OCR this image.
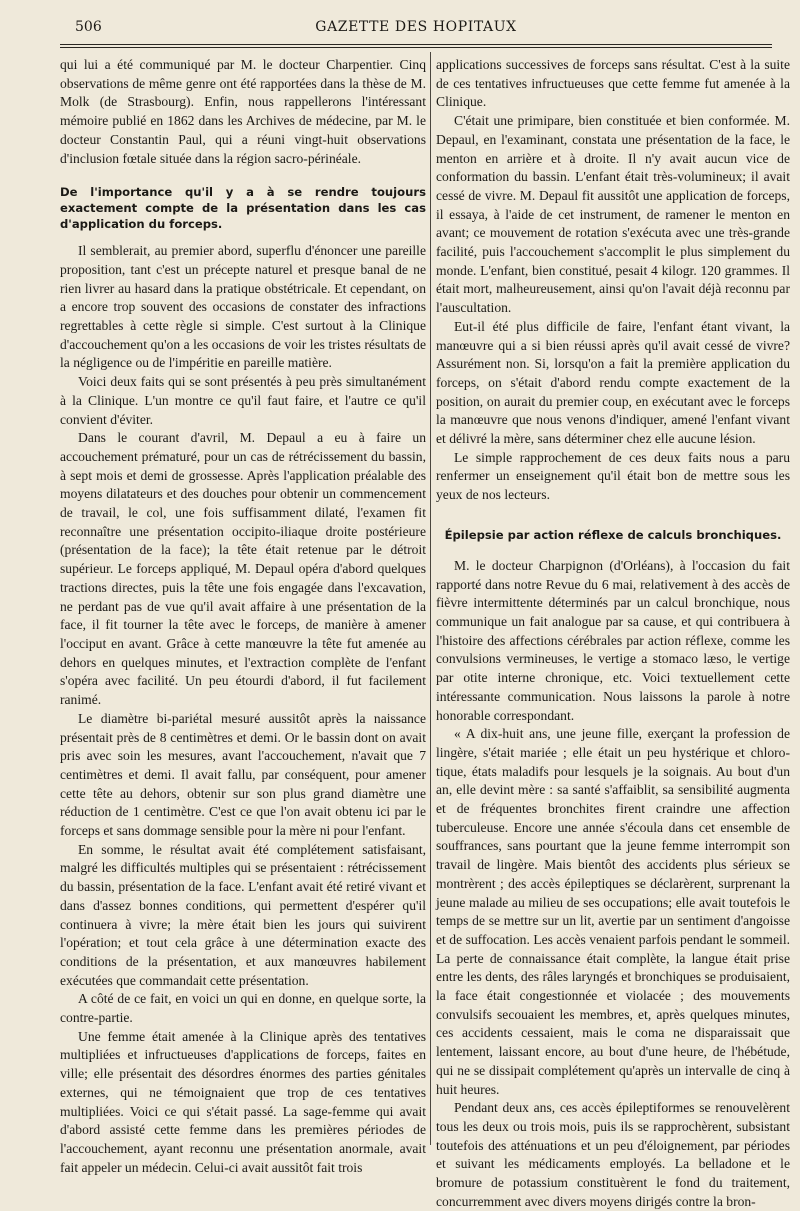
506	GAZETTE DES HOPITAUX

qui lui a été communiqué par M. le docteur Charpentier. Cinq observations de même genre ont été rapportées dans la thèse de M. Molk (de Strasbourg). Enfin, nous rappellerons l'intéressant mémoire publié en 1862 dans les Archives de médecine, par M. le docteur Constantin Paul, qui a réuni vingt-huit observations d'inclusion fœtale située dans la région sacro-périnéale.

De l'importance qu'il y a à se rendre toujours exactement compte de la présentation dans les cas d'application du forceps.

Il semblerait, au premier abord, superflu d'énoncer une pareille proposition, tant c'est un précepte naturel et presque banal de ne rien livrer au hasard dans la pratique obstétricale. Et cependant, on a encore trop souvent des occasions de constater des infractions regrettables à cette règle si simple. C'est surtout à la Clinique d'accouchement qu'on a les occasions de voir les tristes résultats de la négligence ou de l'impéritie en pareille matière.

Voici deux faits qui se sont présentés à peu près simultanément à la Clinique. L'un montre ce qu'il faut faire, et l'autre ce qu'il convient d'éviter.

Dans le courant d'avril, M. Depaul a eu à faire un accouchement prématuré, pour un cas de rétrécissement du bassin, à sept mois et demi de grossesse. Après l'application préalable des moyens dilatateurs et des douches pour obtenir un commencement de travail, le col, une fois suffisamment dilaté, l'examen fit reconnaître une présentation occipito-iliaque droite postérieure (présentation de la face); la tête était retenue par le détroit supérieur. Le forceps appliqué, M. Depaul opéra d'abord quelques tractions directes, puis la tête une fois engagée dans l'excavation, ne perdant pas de vue qu'il avait affaire à une présentation de la face, il fit tourner la tête avec le forceps, de manière à amener l'occiput en avant. Grâce à cette manœuvre la tête fut amenée au dehors en quelques minutes, et l'extraction complète de l'enfant s'opéra avec facilité. Un peu étourdi d'abord, il fut facilement ranimé.

Le diamètre bi-pariétal mesuré aussitôt après la naissance présentait près de 8 centimètres et demi. Or le bassin dont on avait pris avec soin les mesures, avant l'accouchement, n'avait que 7 centimètres et demi. Il avait fallu, par conséquent, pour amener cette tête au dehors, obtenir sur son plus grand diamètre une réduction de 1 centimètre. C'est ce que l'on avait obtenu ici par le forceps et sans dommage sensible pour la mère ni pour l'enfant.

En somme, le résultat avait été complétement satisfaisant, malgré les difficultés multiples qui se présentaient : rétrécissement du bassin, présentation de la face. L'enfant avait été retiré vivant et dans d'assez bonnes conditions, qui permettent d'espérer qu'il continuera à vivre; la mère était bien les jours qui suivirent l'opération; et tout cela grâce à une détermination exacte des conditions de la présentation, et aux manœuvres habilement exécutées que commandait cette présentation.

A côté de ce fait, en voici un qui en donne, en quelque sorte, la contre-partie.

Une femme était amenée à la Clinique après des tentatives multipliées et infructueuses d'applications de forceps, faites en ville; elle présentait des désordres énormes des parties génitales externes, qui ne témoignaient que trop de ces tentatives multipliées. Voici ce qui s'était passé. La sage-femme qui avait d'abord assisté cette femme dans les premières périodes de l'accouchement, ayant reconnu une présentation anormale, avait fait appeler un médecin. Celui-ci avait aussitôt fait trois

applications successives de forceps sans résultat. C'est à la suite de ces tentatives infructueuses que cette femme fut amenée à la Clinique.

C'était une primipare, bien constituée et bien conformée. M. Depaul, en l'examinant, constata une présentation de la face, le menton en arrière et à droite. Il n'y avait aucun vice de conformation du bassin. L'enfant était très-volumineux; il avait cessé de vivre. M. Depaul fit aussitôt une application de forceps, il essaya, à l'aide de cet instrument, de ramener le menton en avant; ce mouvement de rotation s'exécuta avec une très-grande facilité, puis l'accouchement s'accomplit le plus simplement du monde. L'enfant, bien constitué, pesait 4 kilogr. 120 grammes. Il était mort, malheureusement, ainsi qu'on l'avait déjà reconnu par l'auscultation.

Eut-il été plus difficile de faire, l'enfant étant vivant, la manœuvre qui a si bien réussi après qu'il avait cessé de vivre? Assurément non. Si, lorsqu'on a fait la première application du forceps, on s'était d'abord rendu compte exactement de la position, on aurait du premier coup, en exécutant avec le forceps la manœuvre que nous venons d'indiquer, amené l'enfant vivant et délivré la mère, sans déterminer chez elle aucune lésion.

Le simple rapprochement de ces deux faits nous a paru renfermer un enseignement qu'il était bon de mettre sous les yeux de nos lecteurs.

Épilepsie par action réflexe de calculs bronchiques.

M. le docteur Charpignon (d'Orléans), à l'occasion du fait rapporté dans notre Revue du 6 mai, relativement à des accès de fièvre intermittente déterminés par un calcul bronchique, nous communique un fait analogue par sa cause, et qui contribuera à l'histoire des affections cérébrales par action réflexe, comme les convulsions vermineuses, le vertige a stomaco læso, le vertige par otite interne chronique, etc. Voici textuellement cette intéressante communication. Nous laissons la parole à notre honorable correspondant.

« A dix-huit ans, une jeune fille, exerçant la profession de lingère, s'était mariée ; elle était un peu hystérique et chloro-tique, états maladifs pour lesquels je la soignais. Au bout d'un an, elle devint mère : sa santé s'affaiblit, sa sensibilité augmenta et de fréquentes bronchites firent craindre une affection tuberculeuse. Encore une année s'écoula dans cet ensemble de souffrances, sans pourtant que la jeune femme interrompit son travail de lingère. Mais bientôt des accidents plus sérieux se montrèrent ; des accès épileptiques se déclarèrent, surprenant la jeune malade au milieu de ses occupations; elle avait toutefois le temps de se mettre sur un lit, avertie par un sentiment d'angoisse et de suffocation. Les accès venaient parfois pendant le sommeil. La perte de connaissance était complète, la langue était prise entre les dents, des râles laryngés et bronchiques se produisaient, la face était congestionnée et violacée ; des mouvements convulsifs secouaient les membres, et, après quelques minutes, ces accidents cessaient, mais le coma ne disparaissait que lentement, laissant encore, au bout d'une heure, de l'hébétude, qui ne se dissipait complétement qu'après un intervalle de cinq à huit heures.

Pendant deux ans, ces accès épileptiformes se renouvelèrent tous les deux ou trois mois, puis ils se rapprochèrent, subsistant toutefois des atténuations et un peu d'éloignement, par périodes et suivant les médicaments employés. La belladone et le bromure de potassium constituèrent le fond du traitement, concurremment avec divers moyens dirigés contre la bron-
